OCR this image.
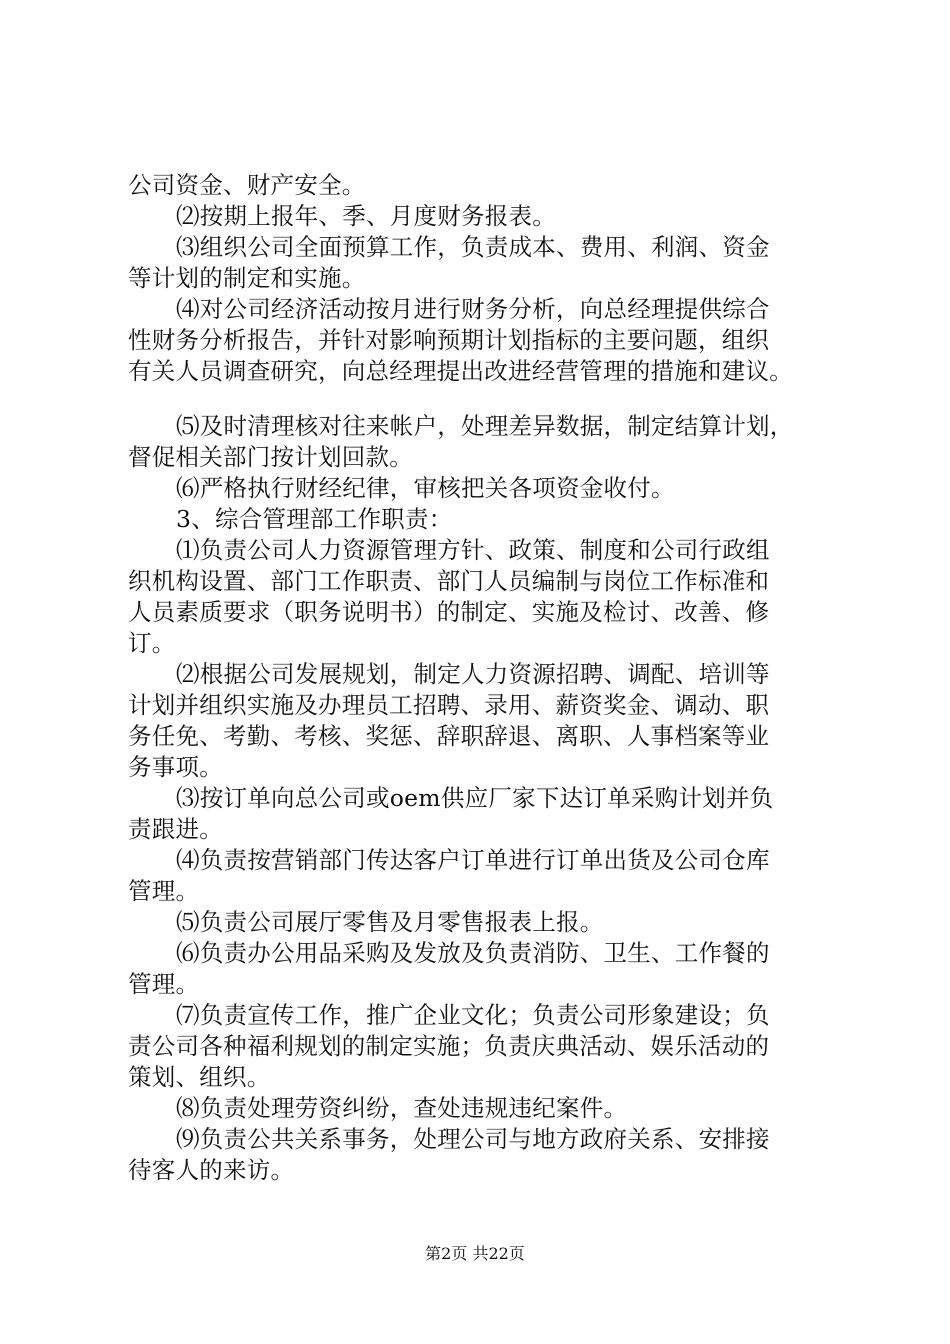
公司资金、财产安全。
⑵按期上报年、季、月度财务报表。
⑶组织公司全面预算工作，负责成本、费用、利润、资金
等计划的制定和实施。
⑷对公司经济活动按月进行财务分析，向总经理提供综合
性财务分析报告，并针对影响预期计划指标的主要问题，组织
有关人员调查研究，向总经理提出改进经营管理的措施和建议。
⑸及时清理核对往来帐户，处理差异数据，制定结算计划，
督促相关部门按计划回款。
⑹严格执行财经纪律，审核把关各项资金收付。
3、综合管理部工作职责：
⑴负责公司人力资源管理方针、政策、制度和公司行政组
织机构设置、部门工作职责、部门人员编制与岗位工作标准和
人员素质要求（职务说明书）的制定、实施及检讨、改善、修
订。
⑵根据公司发展规划，制定人力资源招聘、调配、培训等
计划并组织实施及办理员工招聘、录用、薪资奖金、调动、职
务任免、考勤、考核、奖惩、辞职辞退、离职、人事档案等业
务事项。
⑶按订单向总公司或oem供应厂家下达订单采购计划并负
责跟进。
⑷负责按营销部门传达客户订单进行订单出货及公司仓库
管理。
⑸负责公司展厅零售及月零售报表上报。
⑹负责办公用品采购及发放及负责消防、卫生、工作餐的
管理。
⑺负责宣传工作，推广企业文化；负责公司形象建设；负
责公司各种福利规划的制定实施；负责庆典活动、娱乐活动的
策划、组织。
⑻负责处理劳资纠纷，查处违规违纪案件。
⑼负责公共关系事务，处理公司与地方政府关系、安排接
待客人的来访。
第2页 共22页
